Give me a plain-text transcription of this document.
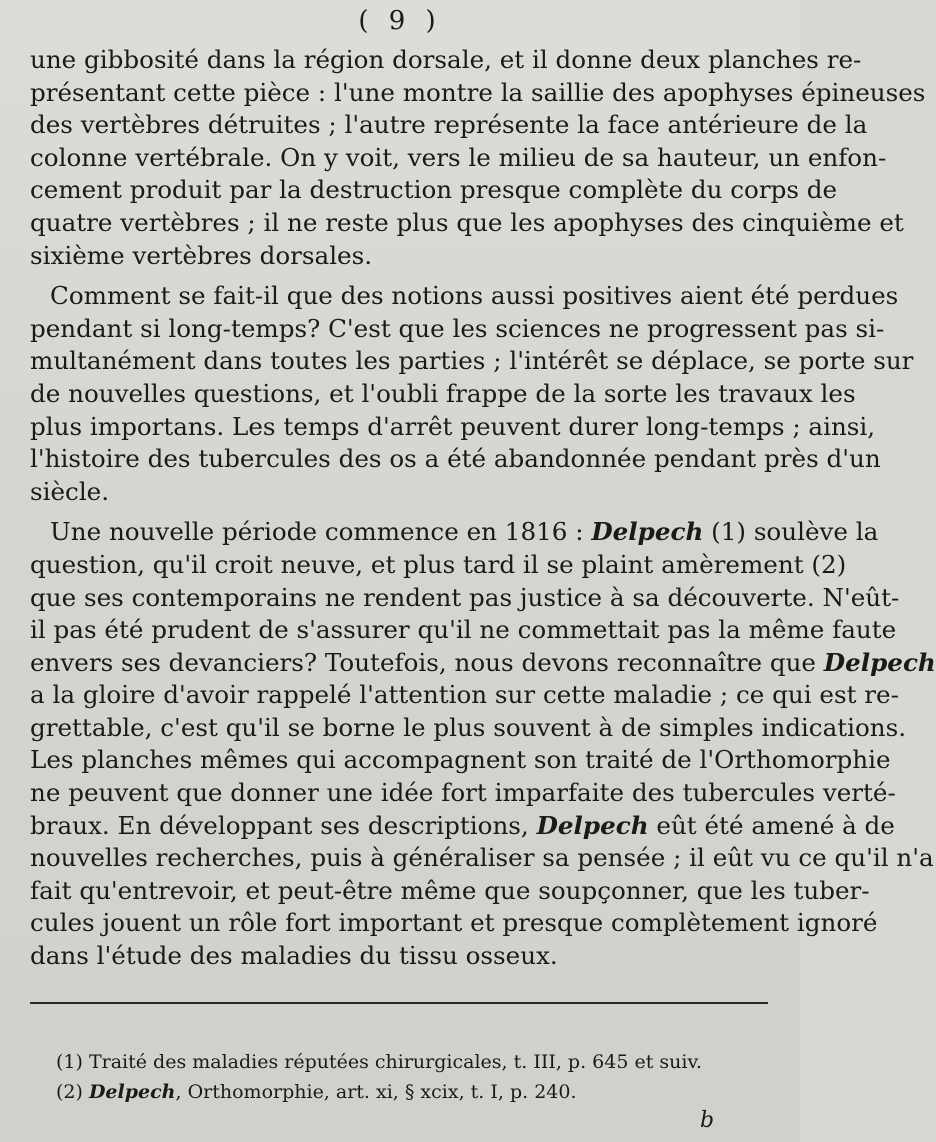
( 9 )
une gibbosité dans la région dorsale, et il donne deux planches re-
présentant cette pièce : l'une montre la saillie des apophyses épineuses
des vertèbres détruites ; l'autre représente la face antérieure de la
colonne vertébrale. On y voit, vers le milieu de sa hauteur, un enfon-
cement produit par la destruction presque complète du corps de
quatre vertèbres ; il ne reste plus que les apophyses des cinquième et
sixième vertèbres dorsales.
Comment se fait-il que des notions aussi positives aient été perdues
pendant si long-temps? C'est que les sciences ne progressent pas si-
multanément dans toutes les parties ; l'intérêt se déplace, se porte sur
de nouvelles questions, et l'oubli frappe de la sorte les travaux les
plus importans. Les temps d'arrêt peuvent durer long-temps ; ainsi,
l'histoire des tubercules des os a été abandonnée pendant près d'un
siècle.
Une nouvelle période commence en 1816 : Delpech (1) soulève la
question, qu'il croit neuve, et plus tard il se plaint amèrement (2)
que ses contemporains ne rendent pas justice à sa découverte. N'eût-
il pas été prudent de s'assurer qu'il ne commettait pas la même faute
envers ses devanciers? Toutefois, nous devons reconnaître que Delpech
a la gloire d'avoir rappelé l'attention sur cette maladie ; ce qui est re-
grettable, c'est qu'il se borne le plus souvent à de simples indications.
Les planches mêmes qui accompagnent son traité de l'Orthomorphie
ne peuvent que donner une idée fort imparfaite des tubercules verté-
braux. En développant ses descriptions, Delpech eût été amené à de
nouvelles recherches, puis à généraliser sa pensée ; il eût vu ce qu'il n'a
fait qu'entrevoir, et peut-être même que soupçonner, que les tuber-
cules jouent un rôle fort important et presque complètement ignoré
dans l'étude des maladies du tissu osseux.
(1) Traité des maladies réputées chirurgicales, t. III, p. 645 et suiv.
(2) Delpech, Orthomorphie, art. xi, § xcix, t. I, p. 240.
b
